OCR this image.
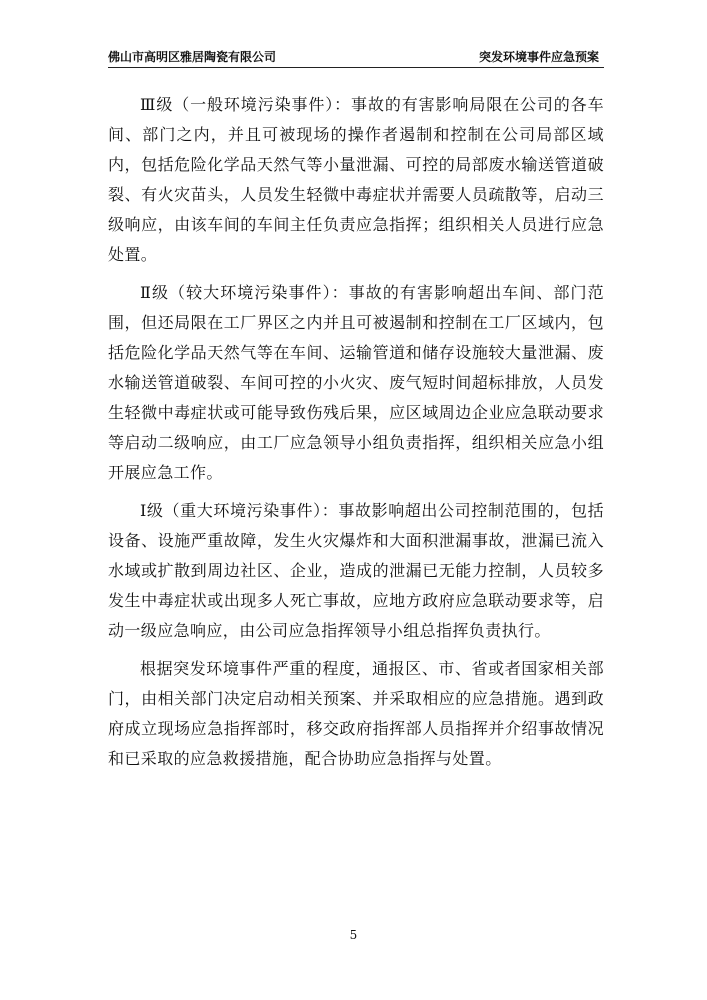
佛山市高明区雅居陶瓷有限公司	突发环境事件应急预案

Ⅲ级（一般环境污染事件）：事故的有害影响局限在公司的各车间、部门之内，并且可被现场的操作者遏制和控制在公司局部区域内，包括危险化学品天然气等小量泄漏、可控的局部废水输送管道破裂、有火灾苗头，人员发生轻微中毒症状并需要人员疏散等，启动三级响应，由该车间的车间主任负责应急指挥；组织相关人员进行应急处置。

Ⅱ级（较大环境污染事件）：事故的有害影响超出车间、部门范围，但还局限在工厂界区之内并且可被遏制和控制在工厂区域内，包括危险化学品天然气等在车间、运输管道和储存设施较大量泄漏、废水输送管道破裂、车间可控的小火灾、废气短时间超标排放，人员发生轻微中毒症状或可能导致伤残后果，应区域周边企业应急联动要求等启动二级响应，由工厂应急领导小组负责指挥，组织相关应急小组开展应急工作。

Ⅰ级（重大环境污染事件）：事故影响超出公司控制范围的，包括设备、设施严重故障，发生火灾爆炸和大面积泄漏事故，泄漏已流入水域或扩散到周边社区、企业，造成的泄漏已无能力控制，人员较多发生中毒症状或出现多人死亡事故，应地方政府应急联动要求等，启动一级应急响应，由公司应急指挥领导小组总指挥负责执行。

根据突发环境事件严重的程度，通报区、市、省或者国家相关部门，由相关部门决定启动相关预案、并采取相应的应急措施。遇到政府成立现场应急指挥部时，移交政府指挥部人员指挥并介绍事故情况和已采取的应急救援措施，配合协助应急指挥与处置。

5
